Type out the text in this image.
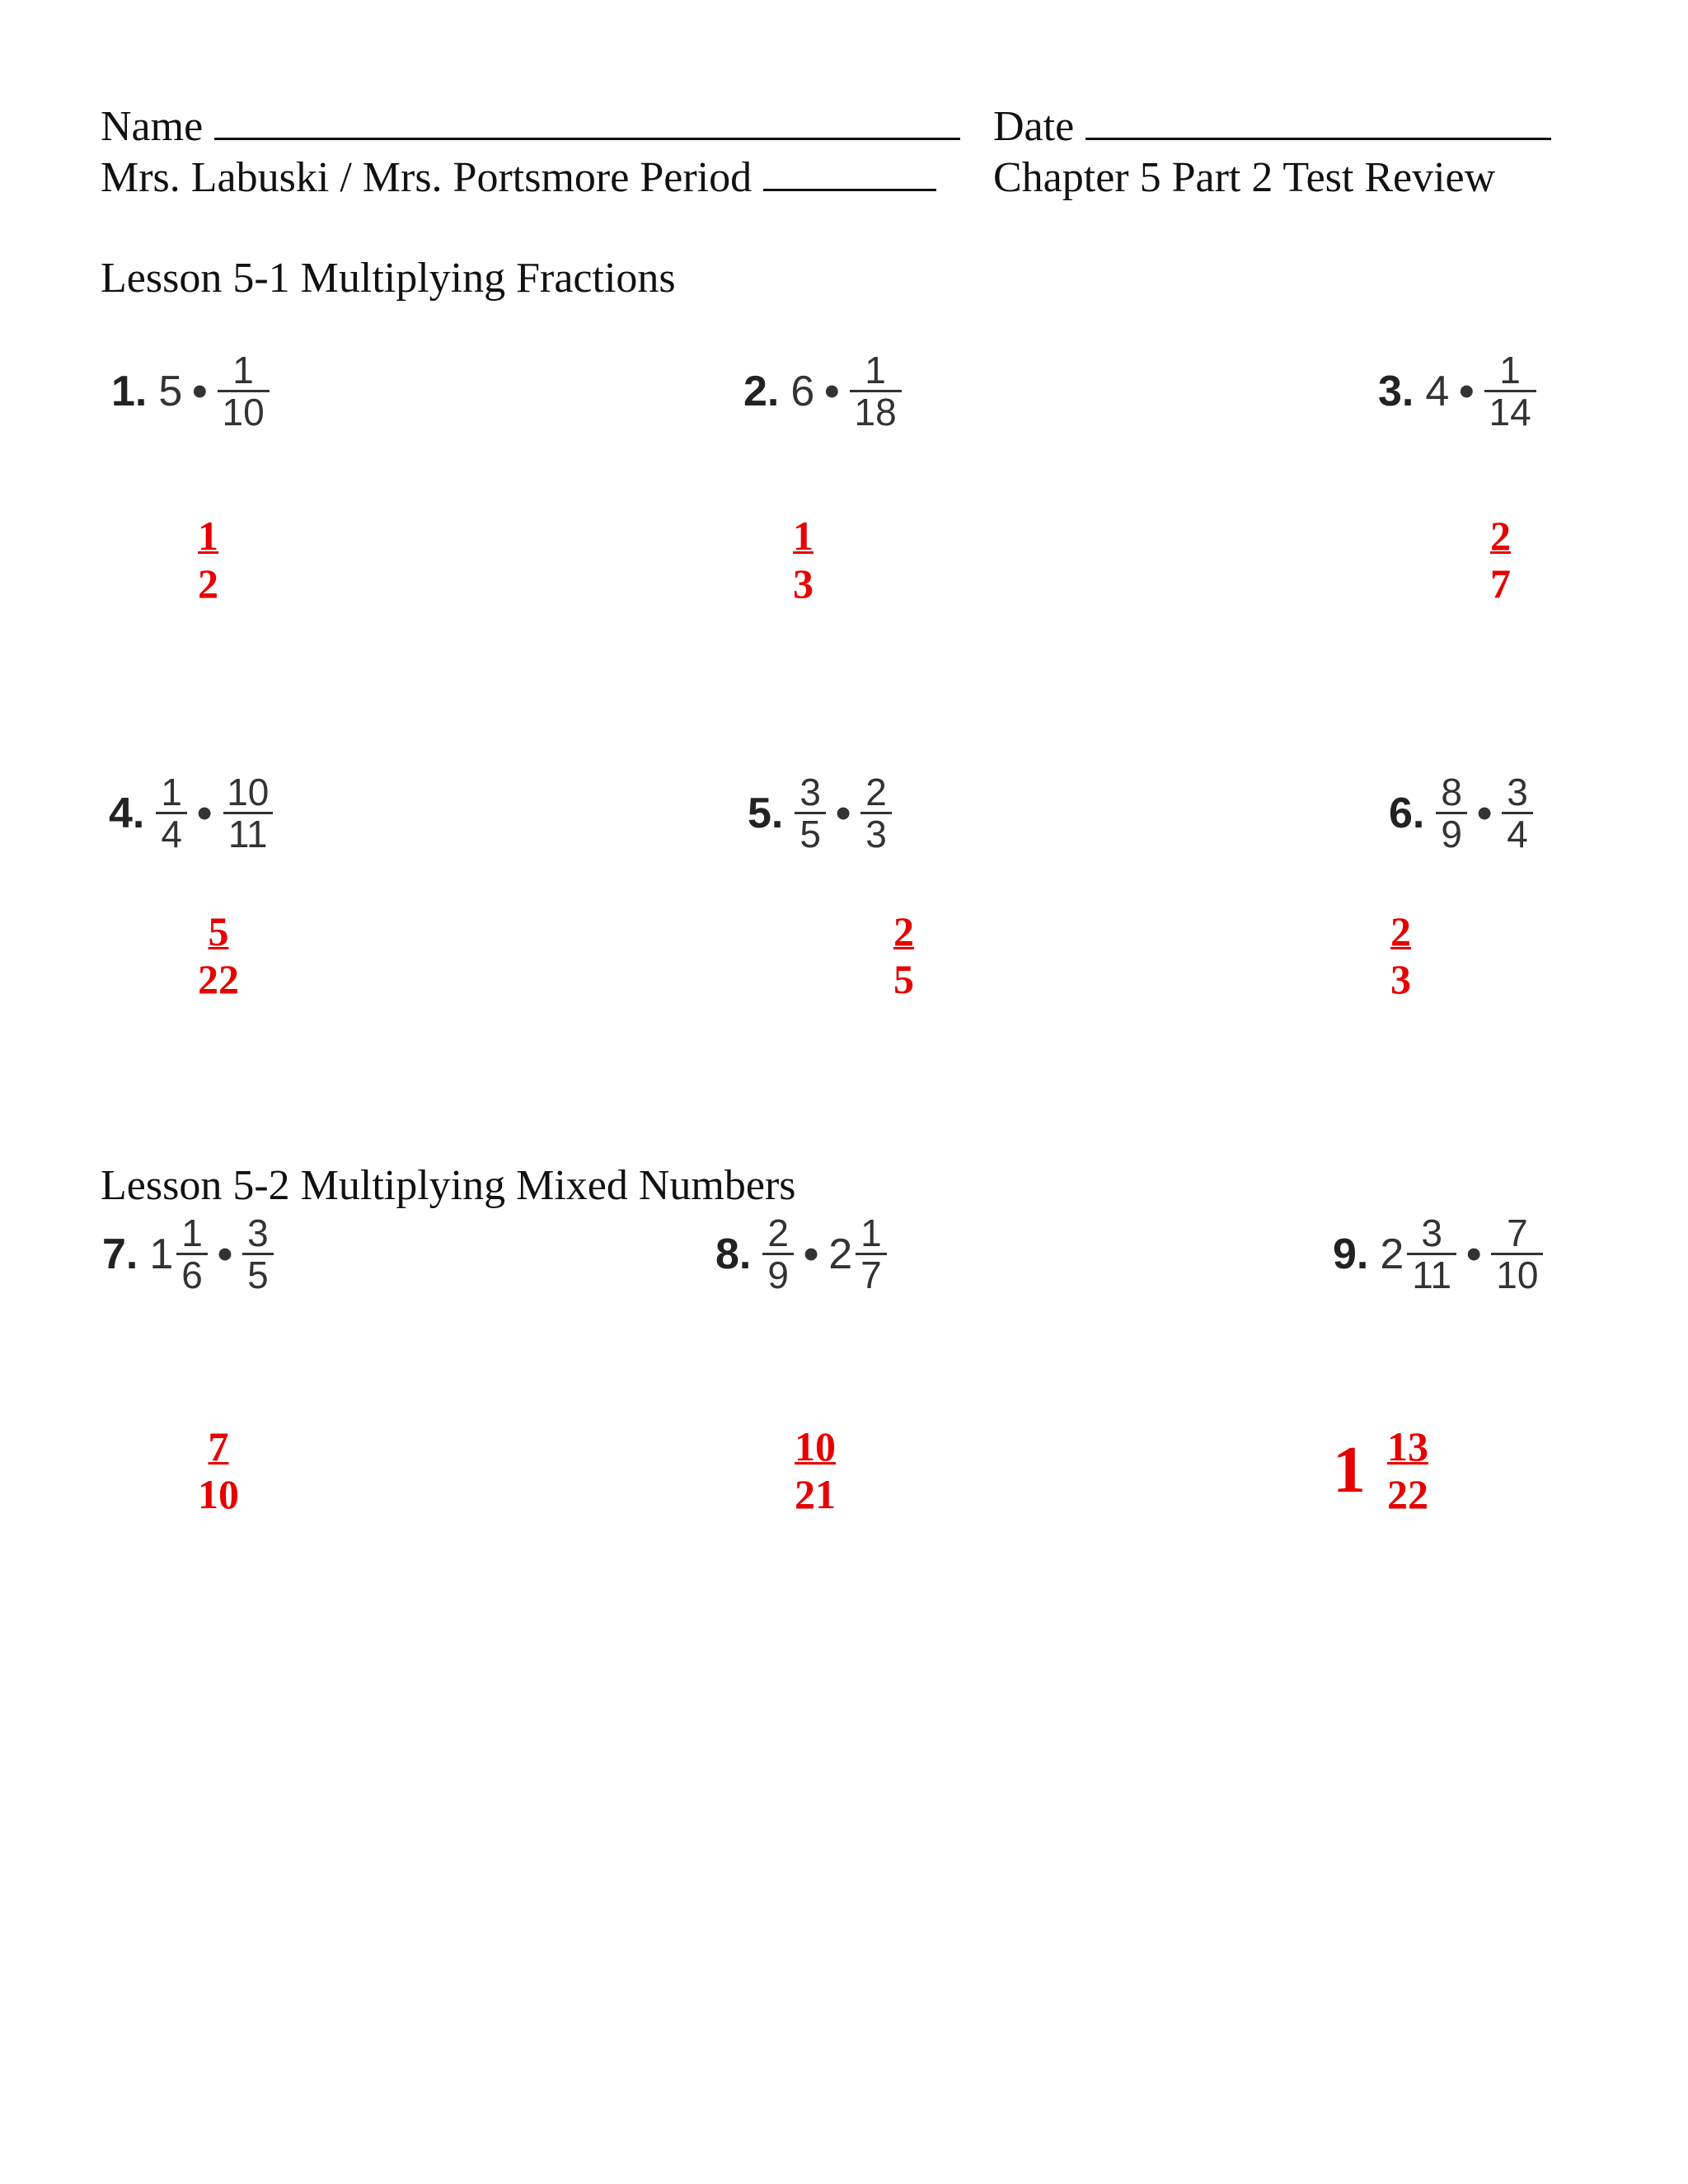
Name	Date
Mrs. Labuski / Mrs. Portsmore Period	Chapter 5 Part 2 Test Review
Lesson 5-1 Multiplying Fractions
Lesson 5-2 Multiplying Mixed Numbers
1. 5 • $\frac{1}{10}$	2. 6 • $\frac{1}{18}$	3. 4 • $\frac{1}{14}$
$\frac{1}{2}$	$\frac{1}{3}$	$\frac{2}{7}$
4. $\frac{1}{4}$ • $\frac{10}{11}$	5. $\frac{3}{5}$ • $\frac{2}{3}$	6. $\frac{8}{9}$ • $\frac{3}{4}$
$\frac{5}{22}$	$\frac{2}{5}$	$\frac{2}{3}$
7. $1 \frac{1}{6}$ • $\frac{3}{5}$	8. $\frac{2}{9}$ • $2 \frac{1}{7}$	9. $2 \frac{3}{11}$ • $\frac{7}{10}$
$\frac{7}{10}$	$\frac{10}{21}$	$1 \frac{13}{22}$
